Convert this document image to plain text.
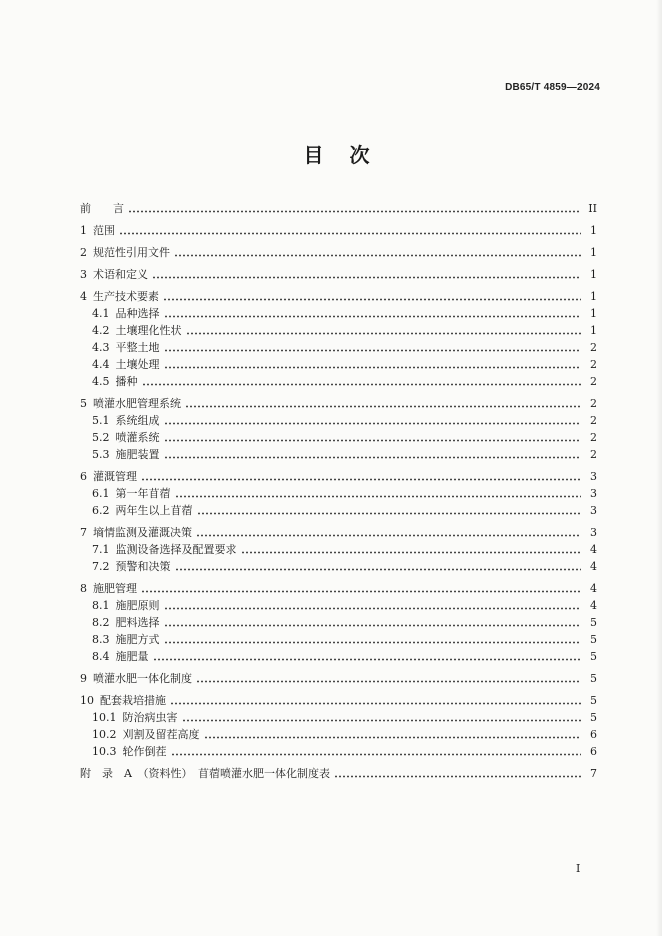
DB65/T 4859—2024
目　次
前　　言	II
1 范围	1
2 规范性引用文件	1
3 术语和定义	1
4 生产技术要素	1
4.1 品种选择	1
4.2 土壤理化性状	1
4.3 平整土地	2
4.4 土壤处理	2
4.5 播种	2
5 喷灌水肥管理系统	2
5.1 系统组成	2
5.2 喷灌系统	2
5.3 施肥装置	2
6 灌溉管理	3
6.1 第一年苜蓿	3
6.2 两年生以上苜蓿	3
7 墒情监测及灌溉决策	3
7.1 监测设备选择及配置要求	4
7.2 预警和决策	4
8 施肥管理	4
8.1 施肥原则	4
8.2 肥料选择	5
8.3 施肥方式	5
8.4 施肥量	5
9 喷灌水肥一体化制度	5
10 配套栽培措施	5
10.1 防治病虫害	5
10.2 刈割及留茬高度	6
10.3 轮作倒茬	6
附　录　A　（资料性）　苜蓿喷灌水肥一体化制度表	7
I
